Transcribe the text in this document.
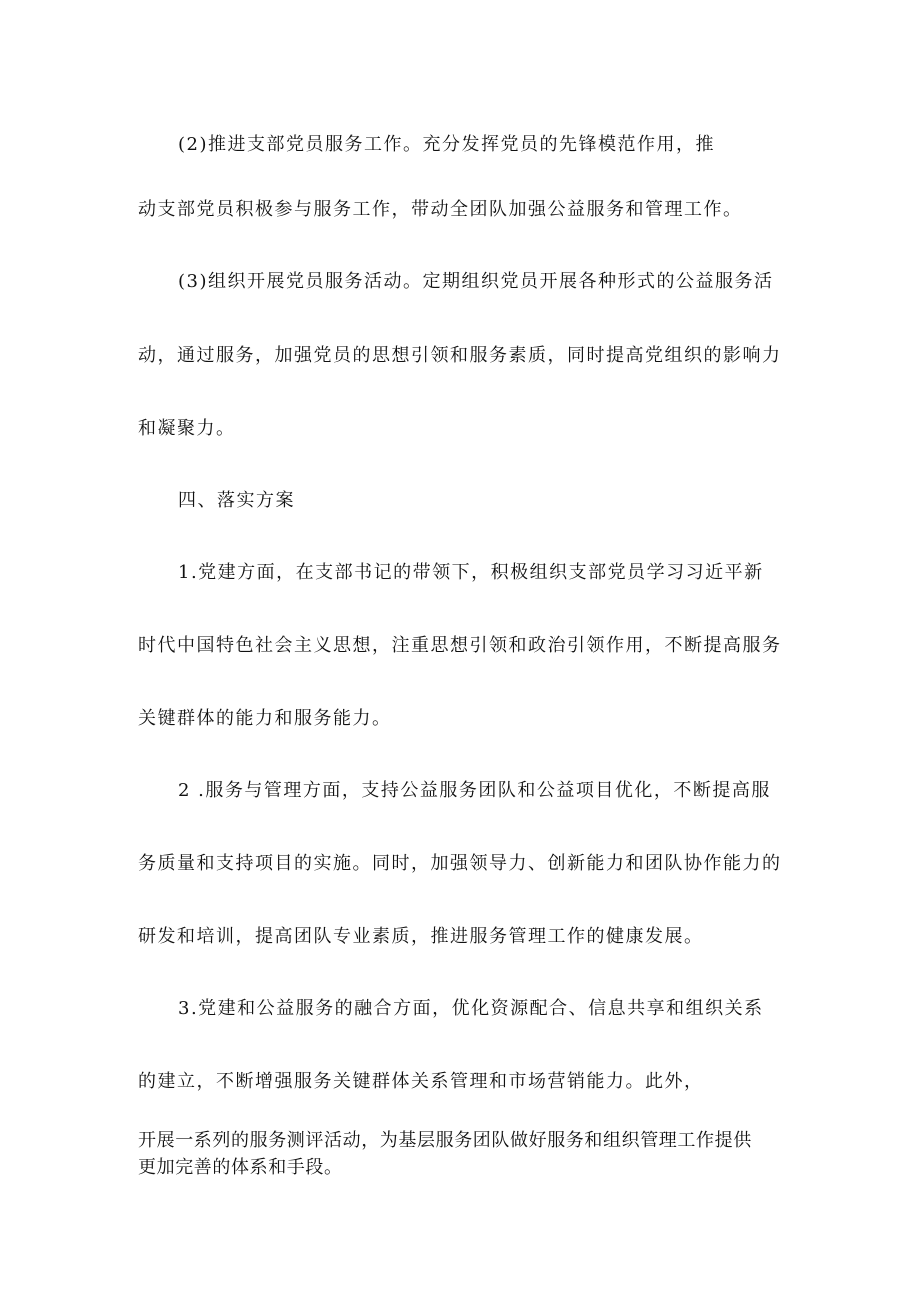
(2)推进支部党员服务工作。充分发挥党员的先锋模范作用，推
动支部党员积极参与服务工作，带动全团队加强公益服务和管理工作。
(3)组织开展党员服务活动。定期组织党员开展各种形式的公益服务活
动，通过服务，加强党员的思想引领和服务素质，同时提高党组织的影响力
和凝聚力。
四、落实方案
1.党建方面，在支部书记的带领下，积极组织支部党员学习习近平新
时代中国特色社会主义思想，注重思想引领和政治引领作用，不断提高服务
关键群体的能力和服务能力。
2 .服务与管理方面，支持公益服务团队和公益项目优化，不断提高服
务质量和支持项目的实施。同时，加强领导力、创新能力和团队协作能力的
研发和培训，提高团队专业素质，推进服务管理工作的健康发展。
3.党建和公益服务的融合方面，优化资源配合、信息共享和组织关系
的建立，不断增强服务关键群体关系管理和市场营销能力。此外，
开展一系列的服务测评活动，为基层服务团队做好服务和组织管理工作提供
更加完善的体系和手段。
